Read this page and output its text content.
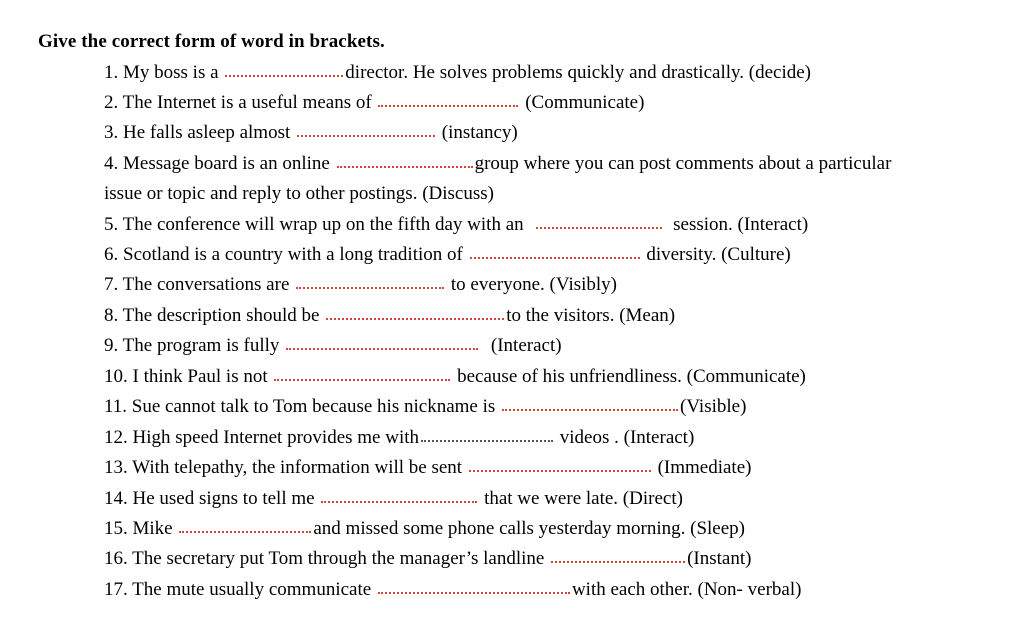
Give the correct form of word in brackets.
1. My boss is a	director. He solves problems quickly and drastically. (decide)
2. The Internet is a useful means of	(Communicate)
3. He falls asleep almost	(instancy)
4. Message board is an online	group where you can post comments about a particular
issue or topic and reply to other postings. (Discuss)
5. The conference will wrap up on the fifth day with an	session. (Interact)
6. Scotland is a country with a long tradition of	diversity. (Culture)
7. The conversations are	to everyone. (Visibly)
8. The description should be	to the visitors. (Mean)
9. The program is fully	(Interact)
10. I think Paul is not	because of his unfriendliness. (Communicate)
11. Sue cannot talk to Tom because his nickname is	(Visible)
12. High speed Internet provides me with	videos . (Interact)
13. With telepathy, the information will be sent	(Immediate)
14. He used signs to tell me	that we were late. (Direct)
15. Mike	and missed some phone calls yesterday morning. (Sleep)
16. The secretary put Tom through the manager’s landline	(Instant)
17. The mute usually communicate	with each other. (Non- verbal)
